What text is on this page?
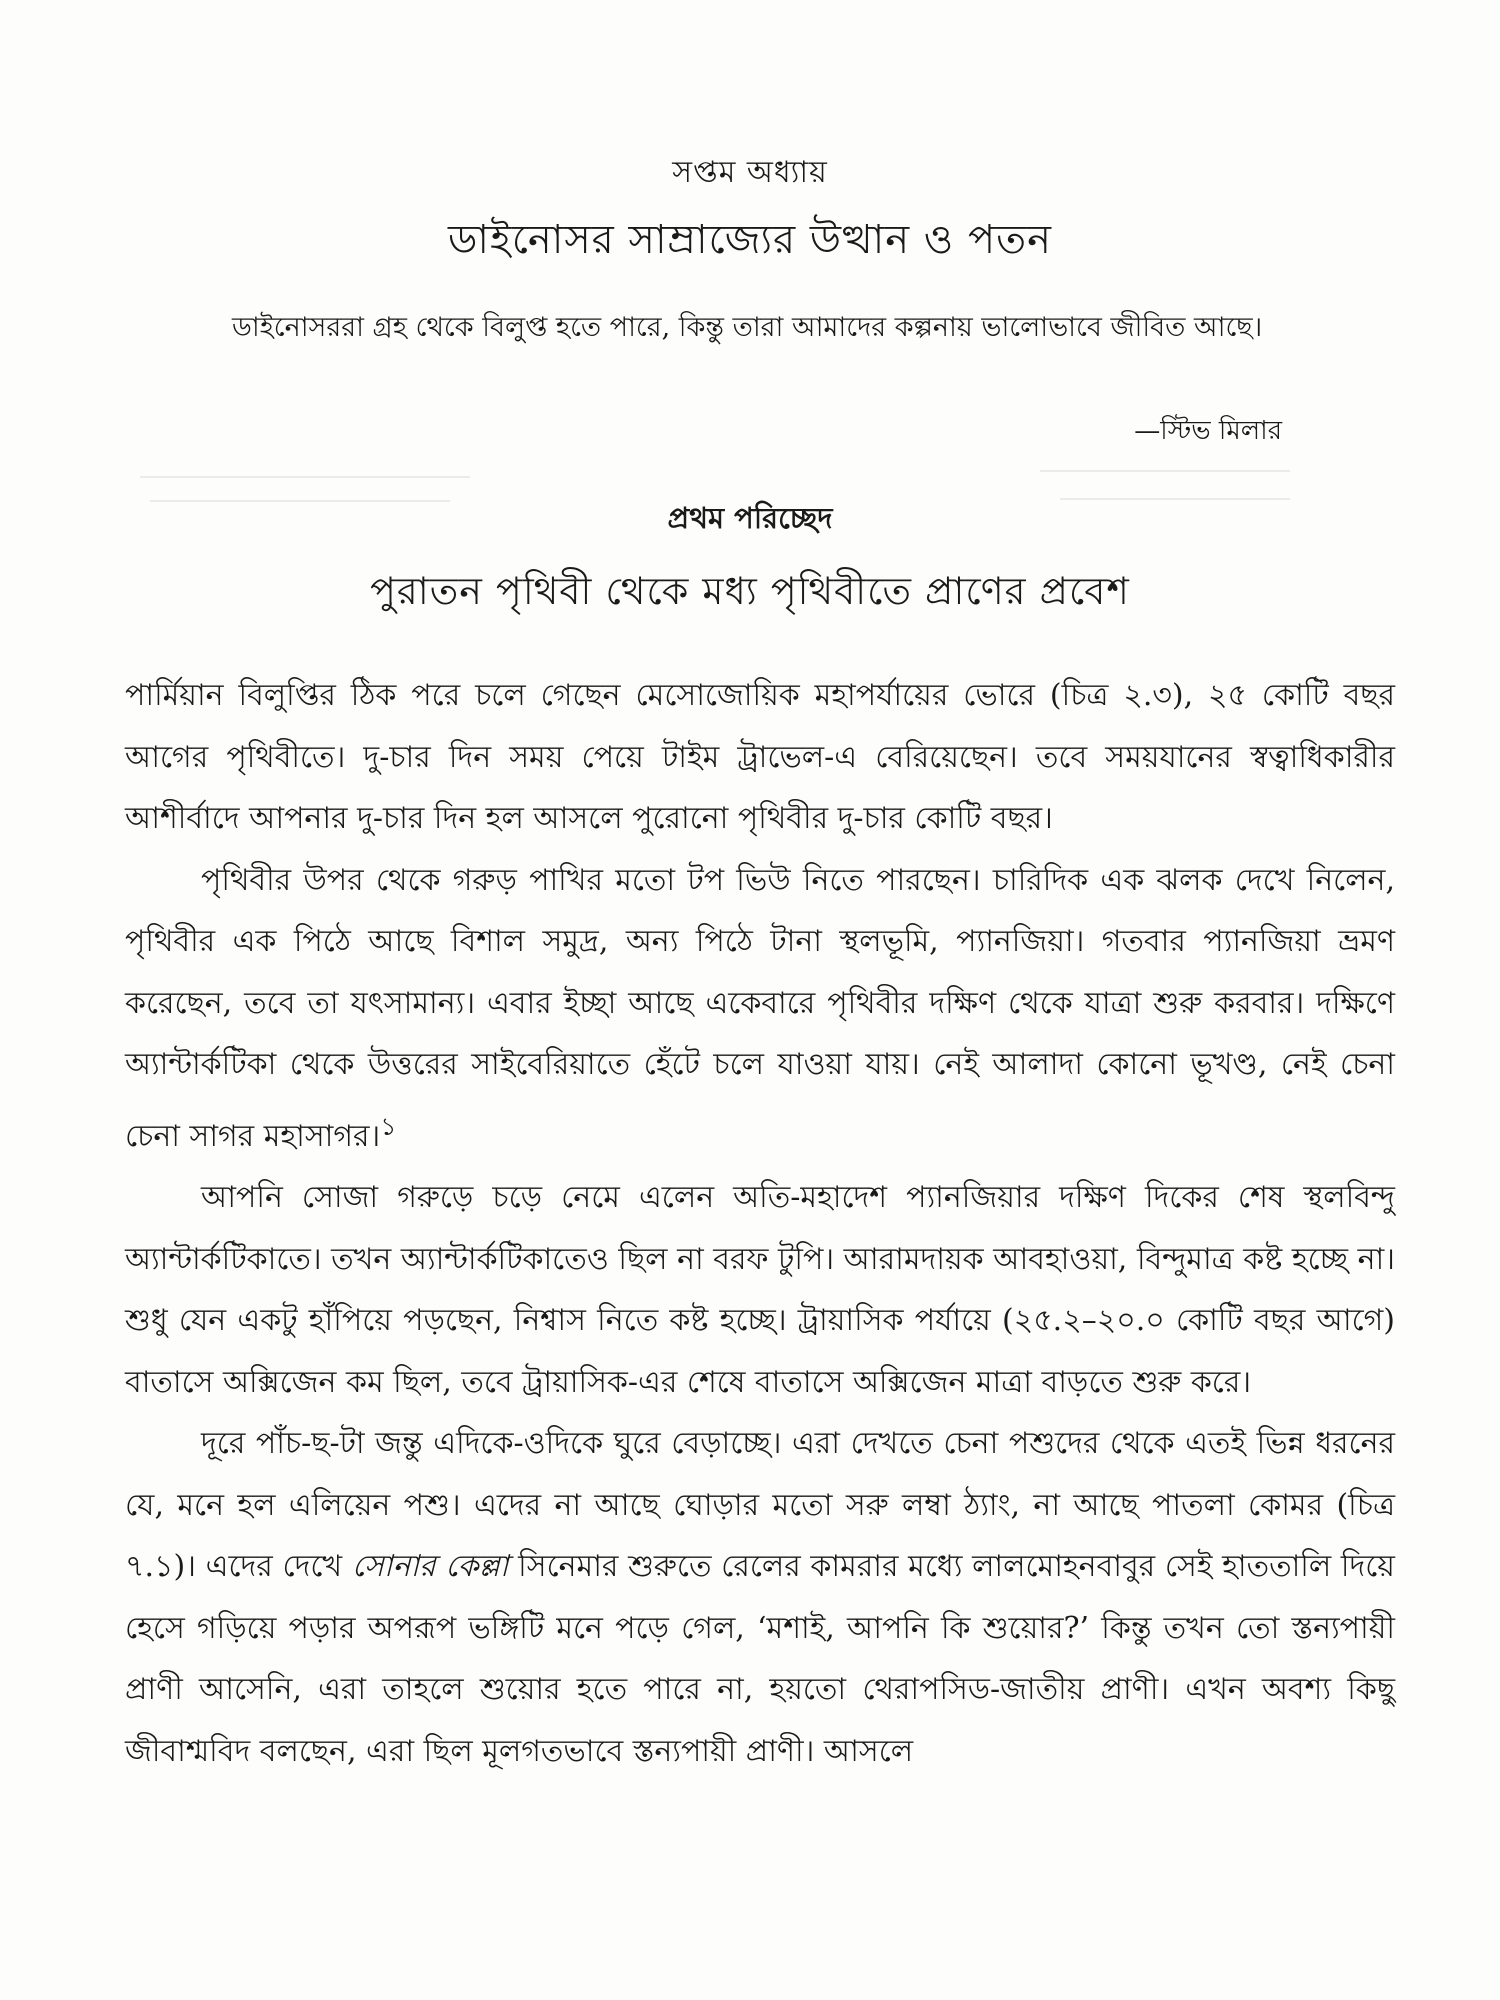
সপ্তম অধ্যায়
ডাইনোসর সাম্রাজ্যের উত্থান ও পতন
ডাইনোসররা গ্রহ থেকে বিলুপ্ত হতে পারে, কিন্তু তারা আমাদের কল্পনায় ভালোভাবে জীবিত আছে।
—স্টিভ মিলার
প্রথম পরিচ্ছেদ
পুরাতন পৃথিবী থেকে মধ্য পৃথিবীতে প্রাণের প্রবেশ

পার্মিয়ান বিলুপ্তির ঠিক পরে চলে গেছেন মেসোজোয়িক মহাপর্যায়ের ভোরে (চিত্র ২.৩), ২৫ কোটি বছর আগের পৃথিবীতে। দু-চার দিন সময় পেয়ে টাইম ট্রাভেল-এ বেরিয়েছেন। তবে সময়যানের স্বত্বাধিকারীর আশীর্বাদে আপনার দু-চার দিন হল আসলে পুরোনো পৃথিবীর দু-চার কোটি বছর।

পৃথিবীর উপর থেকে গরুড় পাখির মতো টপ ভিউ নিতে পারছেন। চারিদিক এক ঝলক দেখে নিলেন, পৃথিবীর এক পিঠে আছে বিশাল সমুদ্র, অন্য পিঠে টানা স্থলভূমি, প্যানজিয়া। গতবার প্যানজিয়া ভ্রমণ করেছেন, তবে তা যৎসামান্য। এবার ইচ্ছা আছে একেবারে পৃথিবীর দক্ষিণ থেকে যাত্রা শুরু করবার। দক্ষিণে অ্যান্টার্কটিকা থেকে উত্তরের সাইবেরিয়াতে হেঁটে চলে যাওয়া যায়। নেই আলাদা কোনো ভূখণ্ড, নেই চেনা চেনা সাগর মহাসাগর।$^১$

আপনি সোজা গরুড়ে চড়ে নেমে এলেন অতি-মহাদেশ প্যানজিয়ার দক্ষিণ দিকের শেষ স্থলবিন্দু অ্যান্টার্কটিকাতে। তখন অ্যান্টার্কটিকাতেও ছিল না বরফ টুপি। আরামদায়ক আবহাওয়া, বিন্দুমাত্র কষ্ট হচ্ছে না। শুধু যেন একটু হাঁপিয়ে পড়ছেন, নিশ্বাস নিতে কষ্ট হচ্ছে। ট্রায়াসিক পর্যায়ে (২৫.২–২০.০ কোটি বছর আগে) বাতাসে অক্সিজেন কম ছিল, তবে ট্রায়াসিক-এর শেষে বাতাসে অক্সিজেন মাত্রা বাড়তে শুরু করে।

দূরে পাঁচ-ছ-টা জন্তু এদিকে-ওদিকে ঘুরে বেড়াচ্ছে। এরা দেখতে চেনা পশুদের থেকে এতই ভিন্ন ধরনের যে, মনে হল এলিয়েন পশু। এদের না আছে ঘোড়ার মতো সরু লম্বা ঠ্যাং, না আছে পাতলা কোমর (চিত্র ৭.১)। এদের দেখে সোনার কেল্লা সিনেমার শুরুতে রেলের কামরার মধ্যে লালমোহনবাবুর সেই হাততালি দিয়ে হেসে গড়িয়ে পড়ার অপরূপ ভঙ্গিটি মনে পড়ে গেল, ‘মশাই, আপনি কি শুয়োর?’ কিন্তু তখন তো স্তন্যপায়ী প্রাণী আসেনি, এরা তাহলে শুয়োর হতে পারে না, হয়তো থেরাপসিড-জাতীয় প্রাণী। এখন অবশ্য কিছু জীবাশ্মবিদ বলছেন, এরা ছিল মূলগতভাবে স্তন্যপায়ী প্রাণী। আসলে
